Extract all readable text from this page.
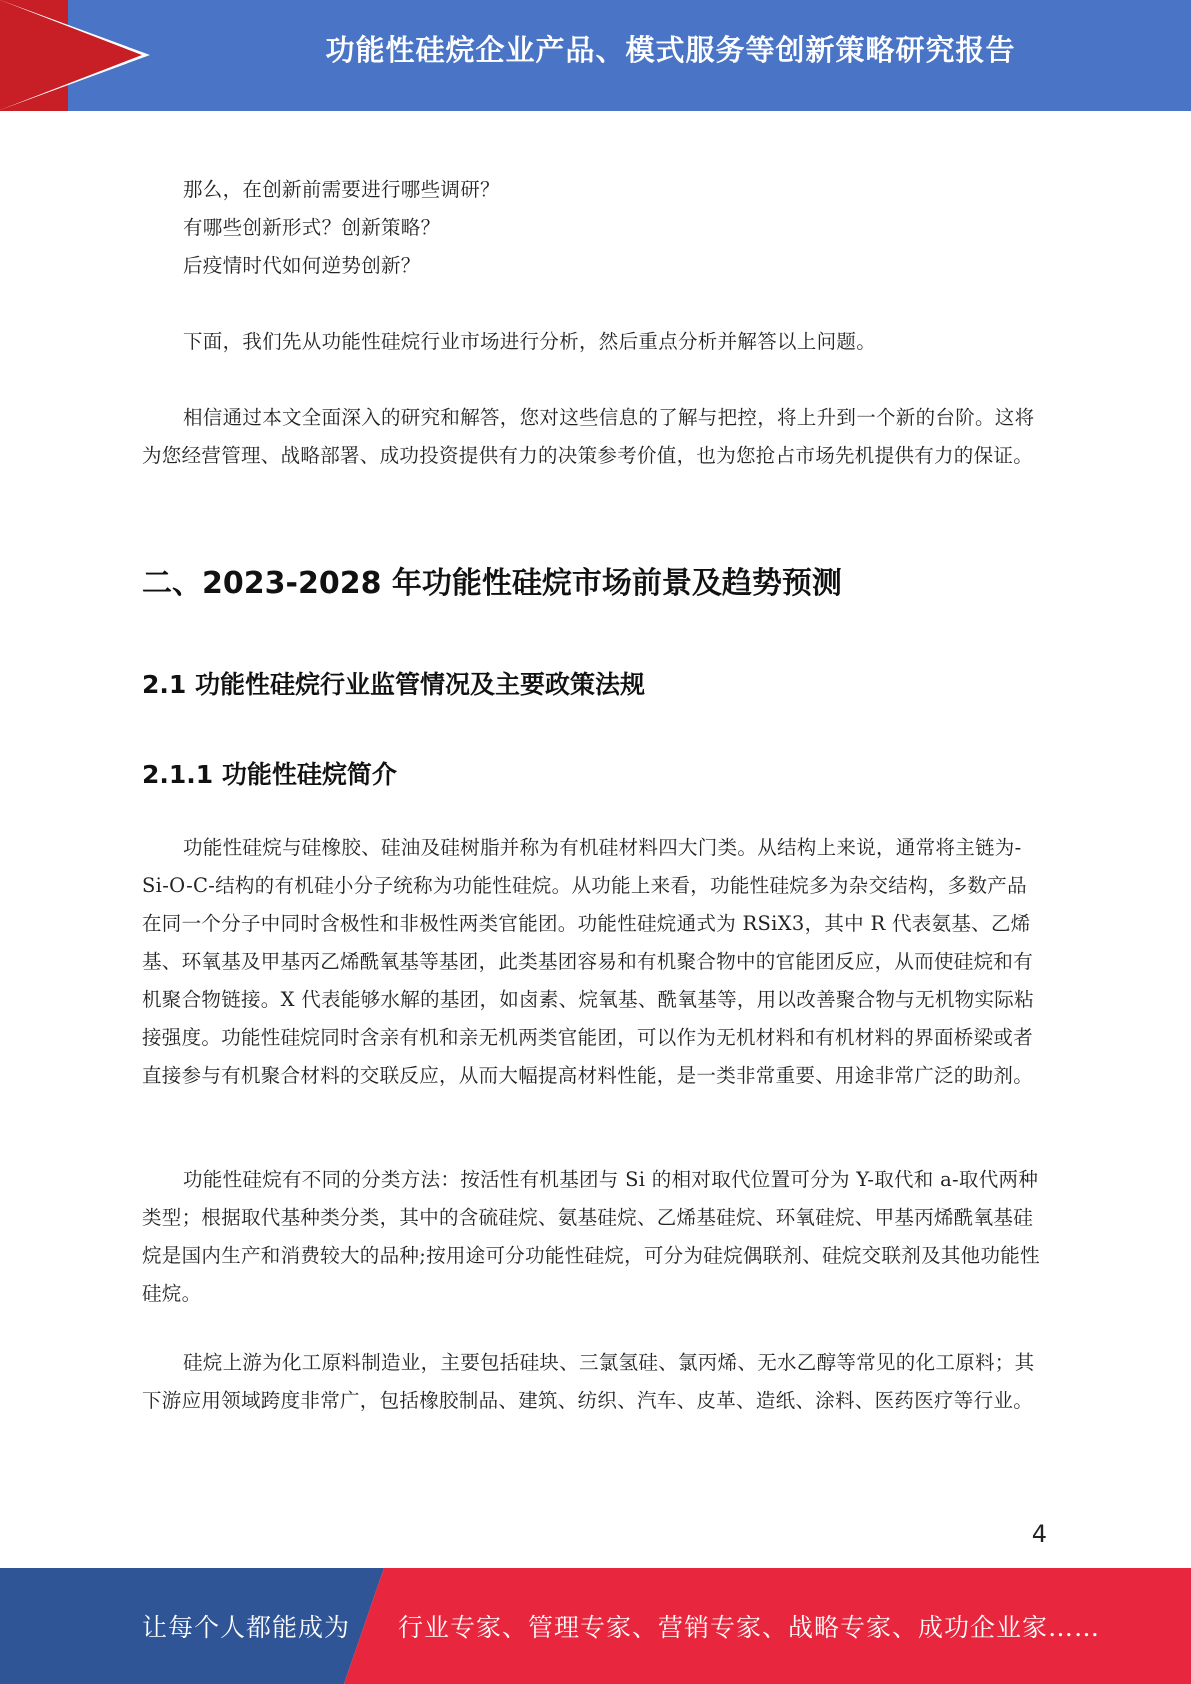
功能性硅烷企业产品、模式服务等创新策略研究报告

那么，在创新前需要进行哪些调研？

有哪些创新形式？创新策略？

后疫情时代如何逆势创新？

下面，我们先从功能性硅烷行业市场进行分析，然后重点分析并解答以上问题。

相信通过本文全面深入的研究和解答，您对这些信息的了解与把控，将上升到一个新的台阶。这将为您经营管理、战略部署、成功投资提供有力的决策参考价值，也为您抢占市场先机提供有力的保证。

二、2023-2028 年功能性硅烷市场前景及趋势预测
2.1 功能性硅烷行业监管情况及主要政策法规
2.1.1 功能性硅烷简介

功能性硅烷与硅橡胶、硅油及硅树脂并称为有机硅材料四大门类。从结构上来说，通常将主链为-Si-O-C-结构的有机硅小分子统称为功能性硅烷。从功能上来看，功能性硅烷多为杂交结构，多数产品在同一个分子中同时含极性和非极性两类官能团。功能性硅烷通式为 RSiX3，其中 R 代表氨基、乙烯基、环氧基及甲基丙乙烯酰氧基等基团，此类基团容易和有机聚合物中的官能团反应，从而使硅烷和有机聚合物链接。X 代表能够水解的基团，如卤素、烷氧基、酰氧基等，用以改善聚合物与无机物实际粘接强度。功能性硅烷同时含亲有机和亲无机两类官能团，可以作为无机材料和有机材料的界面桥梁或者直接参与有机聚合材料的交联反应，从而大幅提高材料性能，是一类非常重要、用途非常广泛的助剂。

功能性硅烷有不同的分类方法：按活性有机基团与 Si 的相对取代位置可分为 Y-取代和 a-取代两种类型；根据取代基种类分类，其中的含硫硅烷、氨基硅烷、乙烯基硅烷、环氧硅烷、甲基丙烯酰氧基硅烷是国内生产和消费较大的品种;按用途可分功能性硅烷，可分为硅烷偶联剂、硅烷交联剂及其他功能性硅烷。

硅烷上游为化工原料制造业，主要包括硅块、三氯氢硅、氯丙烯、无水乙醇等常见的化工原料；其下游应用领域跨度非常广，包括橡胶制品、建筑、纺织、汽车、皮革、造纸、涂料、医药医疗等行业。

4
让每个人都能成为 行业专家、管理专家、营销专家、战略专家、成功企业家……
